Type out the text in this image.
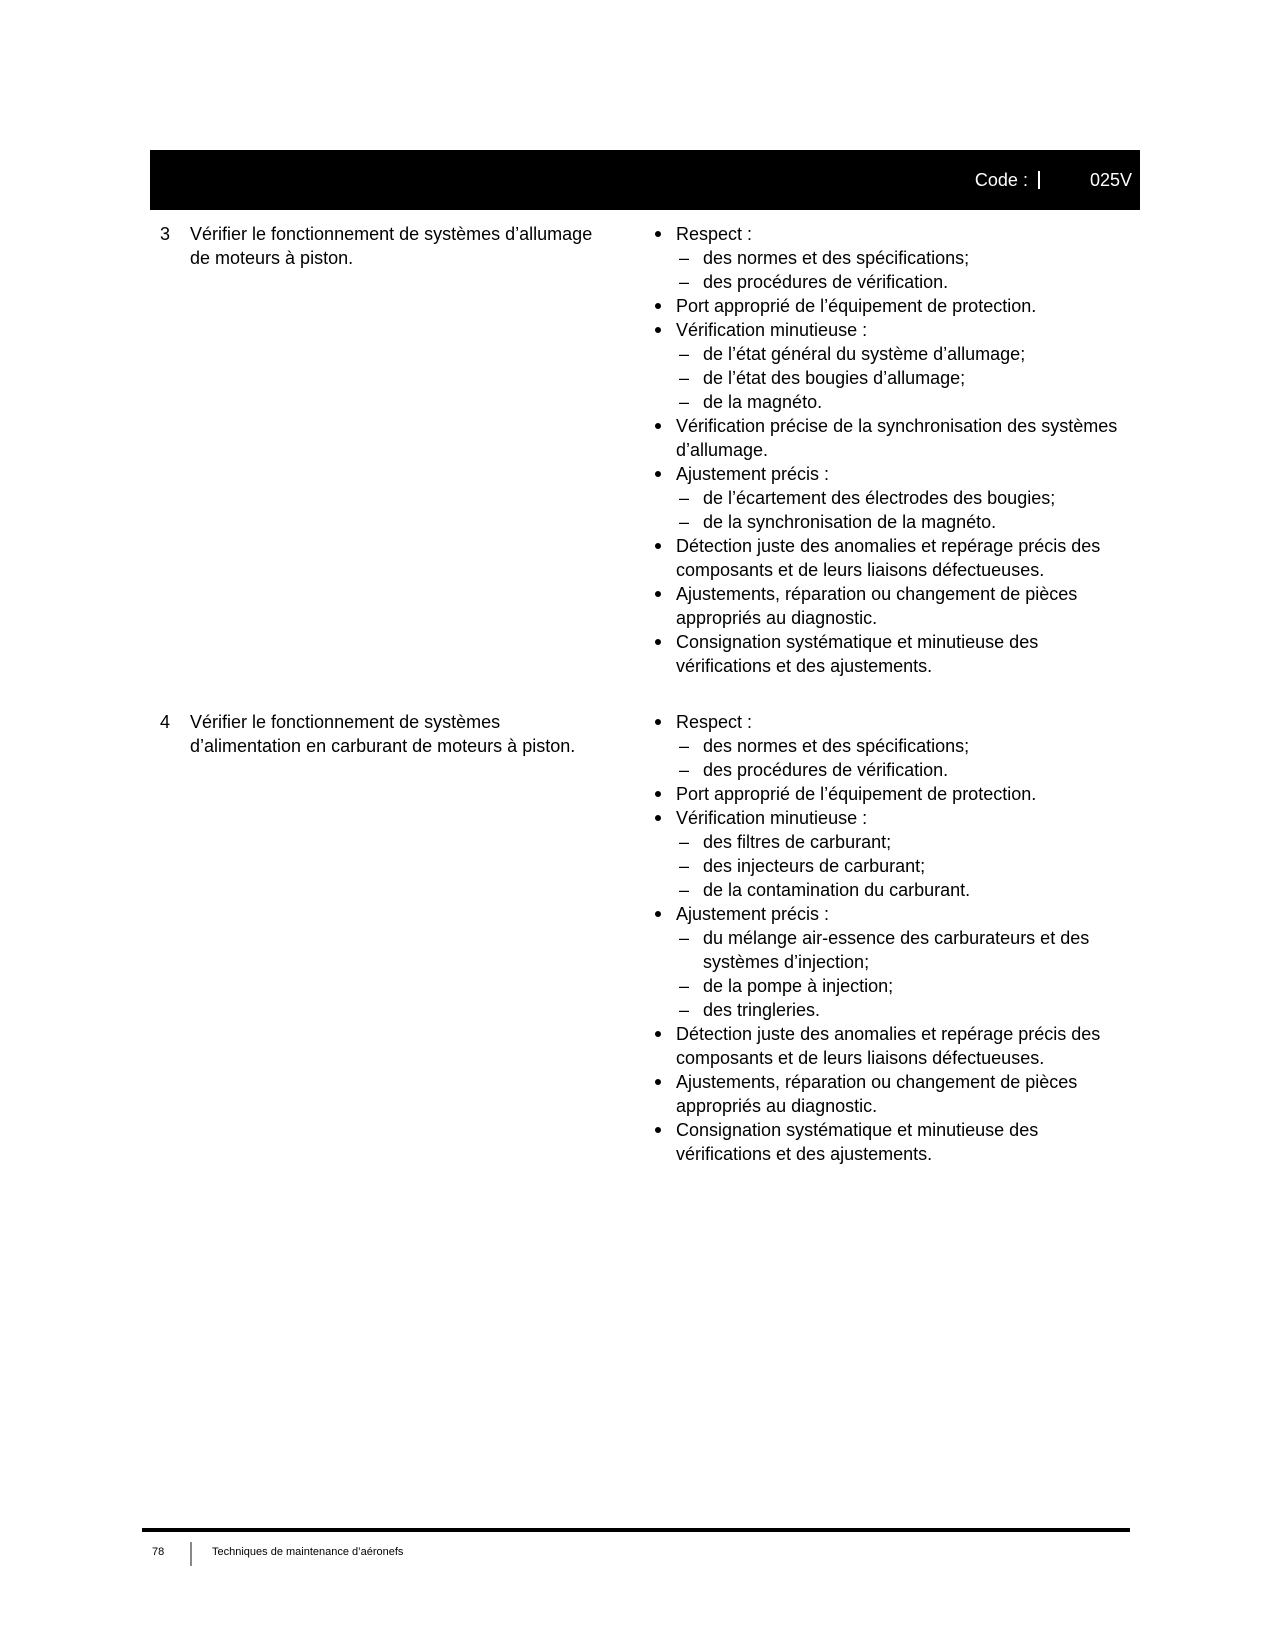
Code :	025V
3	Vérifier le fonctionnement de systèmes d’allumage de moteurs à piston.
Respect :
– des normes et des spécifications;
– des procédures de vérification.
Port approprié de l’équipement de protection.
Vérification minutieuse :
– de l’état général du système d’allumage;
– de l’état des bougies d’allumage;
– de la magnéto.
Vérification précise de la synchronisation des systèmes d’allumage.
Ajustement précis :
– de l’écartement des électrodes des bougies;
– de la synchronisation de la magnéto.
Détection juste des anomalies et repérage précis des composants et de leurs liaisons défectueuses.
Ajustements, réparation ou changement de pièces appropriés au diagnostic.
Consignation systématique et minutieuse des vérifications et des ajustements.
4	Vérifier le fonctionnement de systèmes d’alimentation en carburant de moteurs à piston.
Respect :
– des normes et des spécifications;
– des procédures de vérification.
Port approprié de l’équipement de protection.
Vérification minutieuse :
– des filtres de carburant;
– des injecteurs de carburant;
– de la contamination du carburant.
Ajustement précis :
– du mélange air-essence des carburateurs et des systèmes d’injection;
– de la pompe à injection;
– des tringleries.
Détection juste des anomalies et repérage précis des composants et de leurs liaisons défectueuses.
Ajustements, réparation ou changement de pièces appropriés au diagnostic.
Consignation systématique et minutieuse des vérifications et des ajustements.
78	Techniques de maintenance d’aéronefs
